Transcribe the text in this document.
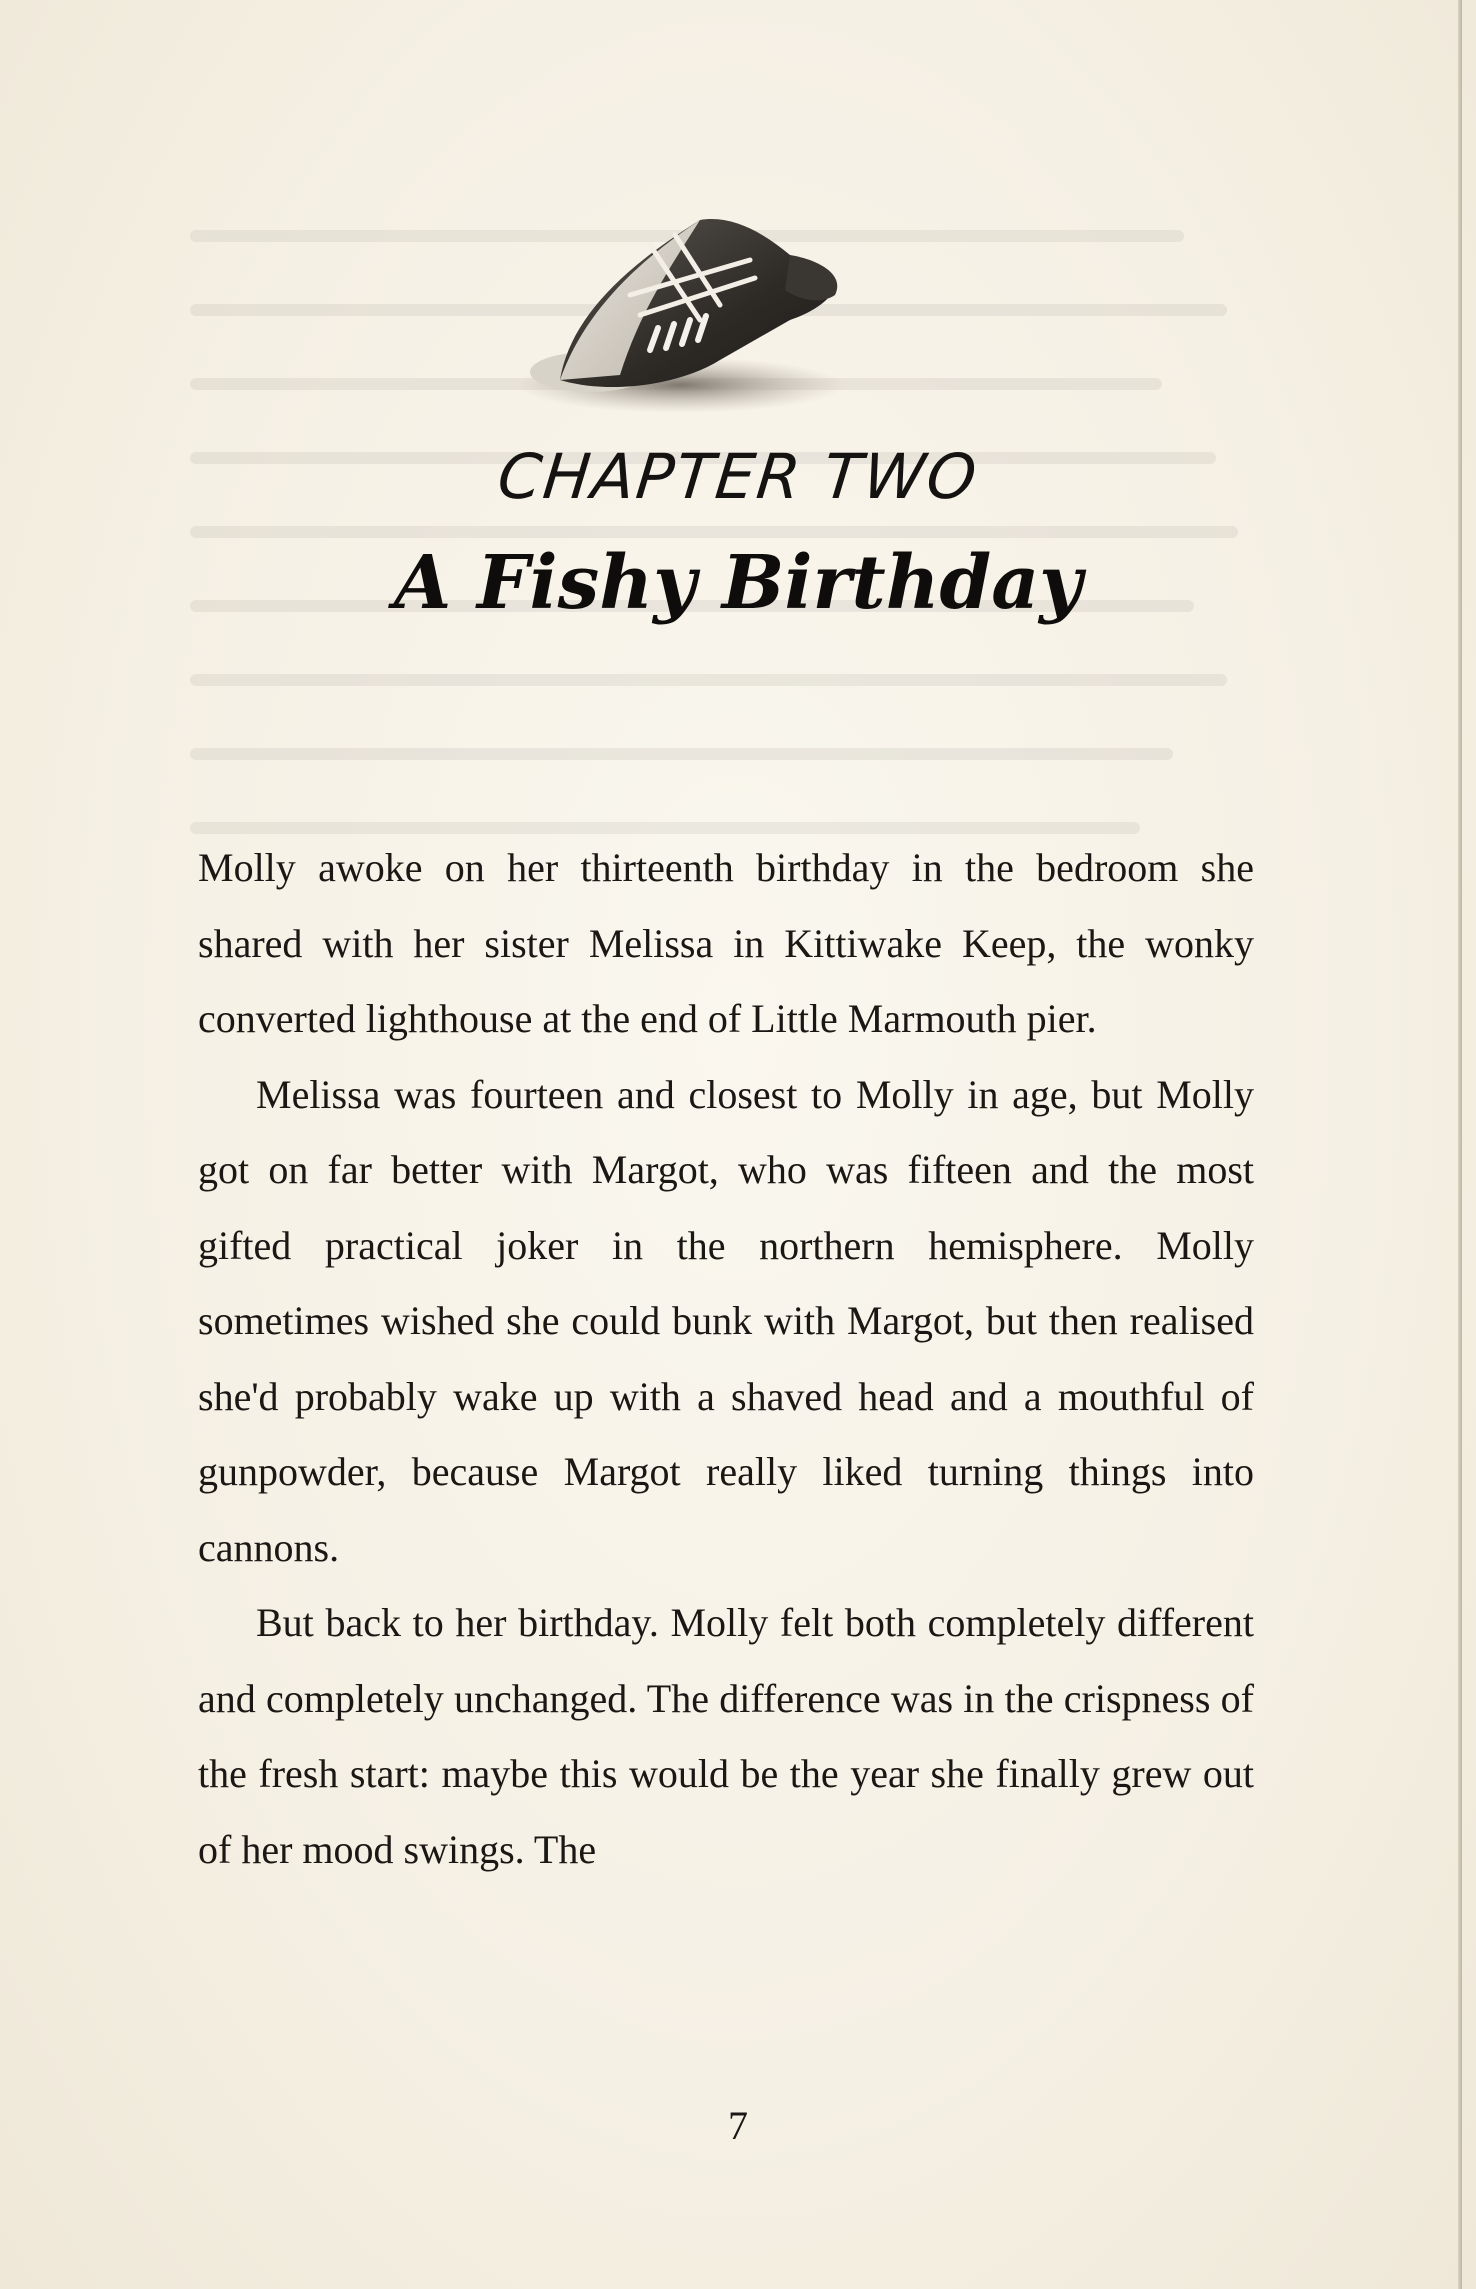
CHAPTER TWO
A Fishy Birthday

Molly awoke on her thirteenth birthday in the bedroom she shared with her sister Melissa in Kittiwake Keep, the wonky converted lighthouse at the end of Little Marmouth pier.

Melissa was fourteen and closest to Molly in age, but Molly got on far better with Margot, who was fifteen and the most gifted practical joker in the northern hemisphere. Molly sometimes wished she could bunk with Margot, but then realised she'd probably wake up with a shaved head and a mouthful of gunpowder, because Margot really liked turning things into cannons.

But back to her birthday. Molly felt both completely different and completely unchanged. The difference was in the crispness of the fresh start: maybe this would be the year she finally grew out of her mood swings. The

7
